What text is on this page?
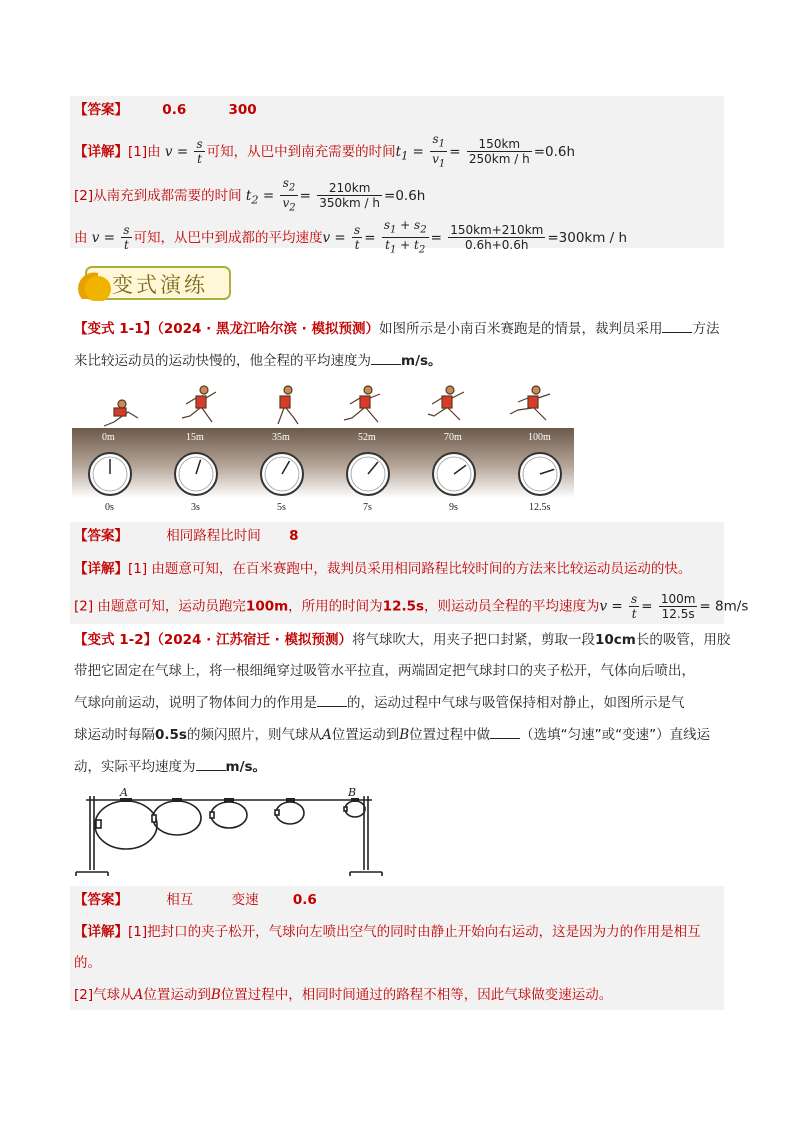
【答案】	0.6	300
【详解】[1]由 $v = \frac{s}{t}$ 可知，从巴中到南充需要的时间$t_1 = \frac{s_1}{v_1} = \frac{150km}{250km / h} =0.6h$
[2]从南充到成都需要的时间 $t_2 = \frac{s_2}{v_2} = \frac{210km}{350km / h} =0.6h$
由 $v = \frac{s}{t}$ 可知，从巴中到成都的平均速度$v = \frac{s}{t} = \frac{s_1 + s_2}{t_1 + t_2} = \frac{150km+210km}{0.6h+0.6h} =300km / h$
变式演练
【变式 1-1】（2024 · 黑龙江哈尔滨 · 模拟预测）如图所示是小南百米赛跑是的情景，裁判员采用 方法
来比较运动员的运动快慢的，他全程的平均速度为 m/s。
0m	15m	35m	52m	70m	100m
0s	3s	5s	7s	9s	12.5s
【答案】	相同路程比时间 8
【详解】[1] 由题意可知，在百米赛跑中，裁判员采用相同路程比较时间的方法来比较运动员运动的快。
[2] 由题意可知，运动员跑完100m，所用的时间为12.5s，则运动员全程的平均速度为$v = \frac{s}{t} = \frac{100m}{12.5s} = 8m/s$
【变式 1-2】（2024 · 江苏宿迁 · 模拟预测）将气球吹大，用夹子把口封紧，剪取一段10cm长的吸管，用胶
带把它固定在气球上，将一根细绳穿过吸管水平拉直，两端固定把气球封口的夹子松开，气体向后喷出，
气球向前运动，说明了物体间力的作用是 的，运动过程中气球与吸管保持相对静止，如图所示是气
球运动时每隔0.5s的频闪照片，则气球从A位置运动到B位置过程中做 （选填“匀速”或“变速”）直线运
动，实际平均速度为 m/s。
A	B
【答案】	相互	变速	0.6
【详解】[1]把封口的夹子松开，气球向左喷出空气的同时由静止开始向右运动，这是因为力的作用是相互
的。
[2]气球从A位置运动到B位置过程中，相同时间通过的路程不相等，因此气球做变速运动。
